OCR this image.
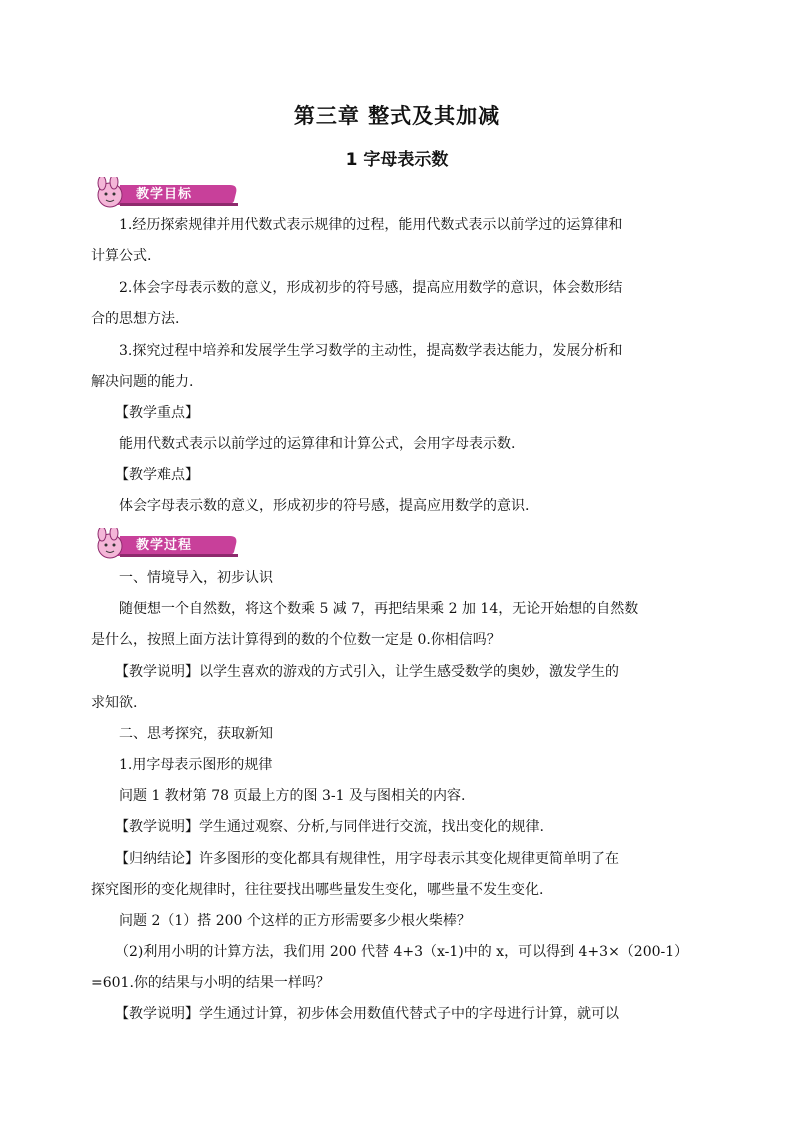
第三章 整式及其加减
1 字母表示数
教学目标
1.经历探索规律并用代数式表示规律的过程，能用代数式表示以前学过的运算律和
计算公式.
2.体会字母表示数的意义，形成初步的符号感，提高应用数学的意识，体会数形结
合的思想方法.
3.探究过程中培养和发展学生学习数学的主动性，提高数学表达能力，发展分析和
解决问题的能力.
【教学重点】
能用代数式表示以前学过的运算律和计算公式，会用字母表示数.
【教学难点】
体会字母表示数的意义，形成初步的符号感，提高应用数学的意识.
教学过程
一、情境导入，初步认识
随便想一个自然数，将这个数乘 5 减 7，再把结果乘 2 加 14，无论开始想的自然数
是什么，按照上面方法计算得到的数的个位数一定是 0.你相信吗？
【教学说明】以学生喜欢的游戏的方式引入，让学生感受数学的奥妙，激发学生的
求知欲.
二、思考探究，获取新知
1.用字母表示图形的规律
问题 1 教材第 78 页最上方的图 3-1 及与图相关的内容.
【教学说明】学生通过观察、分析,与同伴进行交流，找出变化的规律.
【归纳结论】许多图形的变化都具有规律性，用字母表示其变化规律更简单明了在
探究图形的变化规律时，往往要找出哪些量发生变化，哪些量不发生变化.
问题 2（1）搭 200 个这样的正方形需要多少根火柴棒？
（2)利用小明的计算方法，我们用 200 代替 4+3（x-1)中的 x，可以得到 4+3×（200-1）
=601.你的结果与小明的结果一样吗？
【教学说明】学生通过计算，初步体会用数值代替式子中的字母进行计算，就可以
